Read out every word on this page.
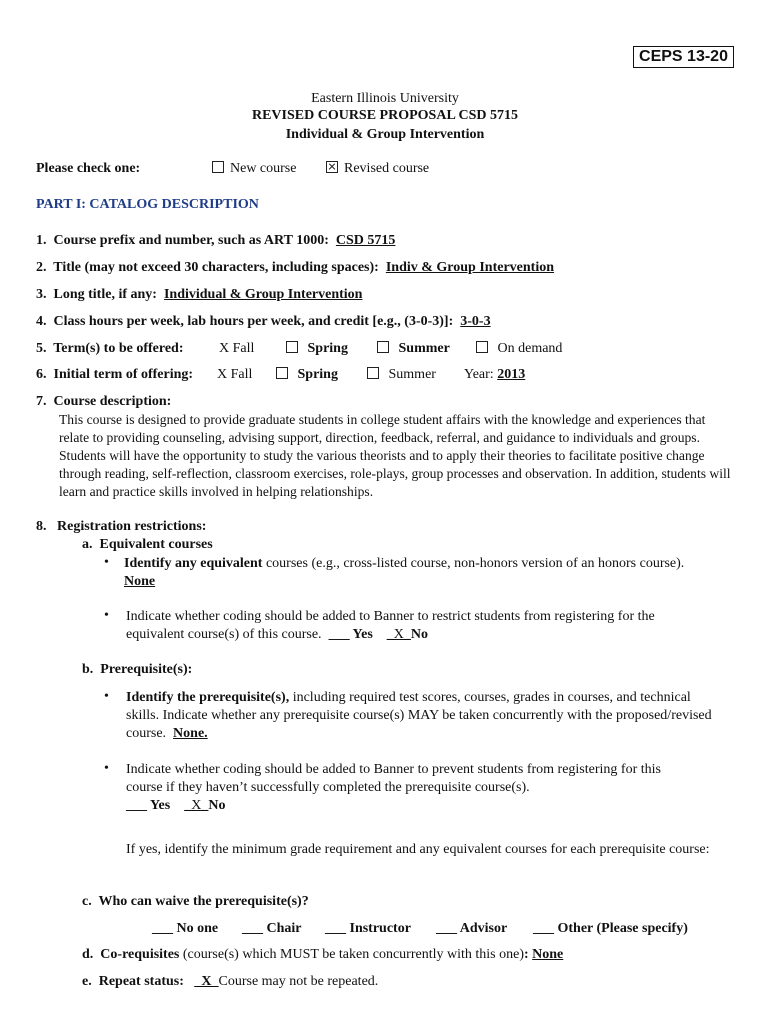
CEPS 13-20
Eastern Illinois University
REVISED COURSE PROPOSAL CSD 5715
Individual & Group Intervention
Please check one:	New course	Revised course
PART I: CATALOG DESCRIPTION
1. Course prefix and number, such as ART 1000: CSD 5715
2. Title (may not exceed 30 characters, including spaces): Indiv & Group Intervention
3. Long title, if any: Individual & Group Intervention
4. Class hours per week, lab hours per week, and credit [e.g., (3-0-3)]: 3-0-3
5. Term(s) to be offered:	X Fall	Spring	Summer	On demand
6. Initial term of offering: X Fall	Spring	Summer Year: 2013
7. Course description:
This course is designed to provide graduate students in college student affairs with the knowledge and experiences that relate to providing counseling, advising support, direction, feedback, referral, and guidance to individuals and groups. Students will have the opportunity to study the various theorists and to apply their theories to facilitate positive change through reading, self-reflection, classroom exercises, role-plays, group processes and observation. In addition, students will learn and practice skills involved in helping relationships.
8. Registration restrictions:
a. Equivalent courses
• Identify any equivalent courses (e.g., cross-listed course, non-honors version of an honors course).  None
• Indicate whether coding should be added to Banner to restrict students from registering for the equivalent course(s) of this course. ___ Yes _X_No
b. Prerequisite(s):
• Identify the prerequisite(s), including required test scores, courses, grades in courses, and technical skills. Indicate whether any prerequisite course(s) MAY be taken concurrently with the proposed/revised course. None.
• Indicate whether coding should be added to Banner to prevent students from registering for this course if they haven’t successfully completed the prerequisite course(s).
___ Yes _X_No
If yes, identify the minimum grade requirement and any equivalent courses for each prerequisite course:
c. Who can waive the prerequisite(s)?
___ No one ___ Chair ___ Instructor ___ Advisor ___ Other (Please specify)
d. Co-requisites (course(s) which MUST be taken concurrently with this one): None
e. Repeat status: _X_Course may not be repeated.
